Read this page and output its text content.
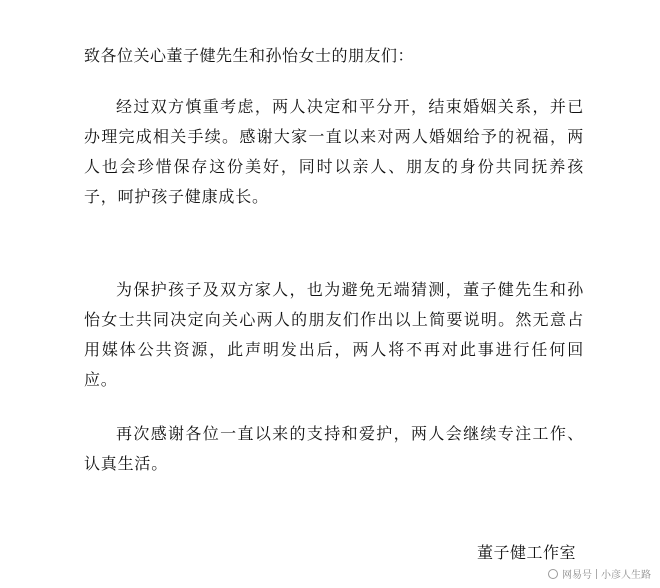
致各位关心董子健先生和孙怡女士的朋友们：

经过双方慎重考虑，两人决定和平分开，结束婚姻关系，并已办理完成相关手续。感谢大家一直以来对两人婚姻给予的祝福，两人也会珍惜保存这份美好，同时以亲人、朋友的身份共同抚养孩子，呵护孩子健康成长。

为保护孩子及双方家人，也为避免无端猜测，董子健先生和孙怡女士共同决定向关心两人的朋友们作出以上简要说明。然无意占用媒体公共资源，此声明发出后，两人将不再对此事进行任何回应。

再次感谢各位一直以来的支持和爱护，两人会继续专注工作、认真生活。

董子健工作室
网易号 小彦人生路
